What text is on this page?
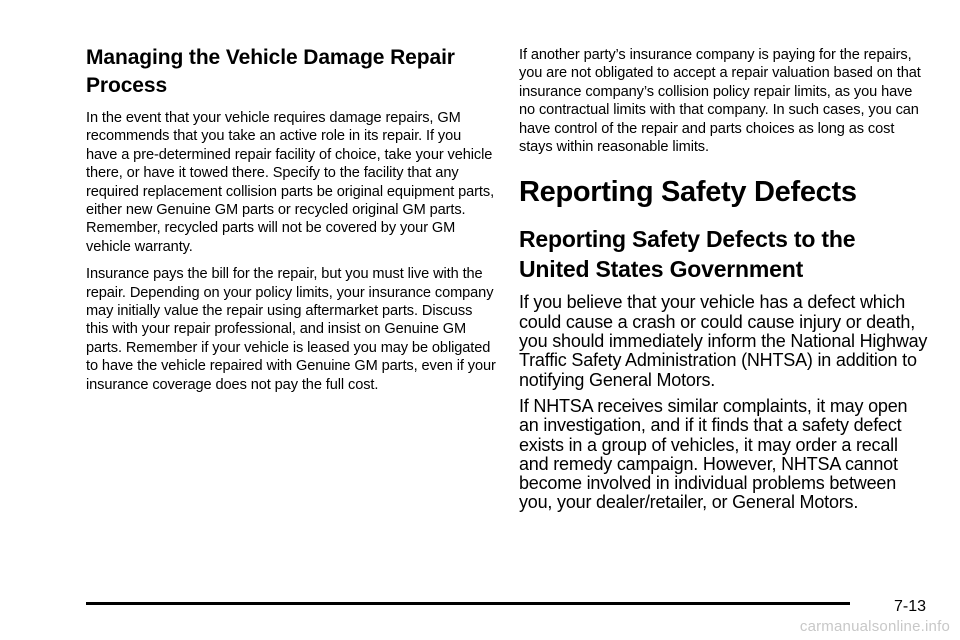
Managing the Vehicle Damage Repair Process

In the event that your vehicle requires damage repairs, GM recommends that you take an active role in its repair. If you have a pre-determined repair facility of choice, take your vehicle there, or have it towed there. Specify to the facility that any required replacement collision parts be original equipment parts, either new Genuine GM parts or recycled original GM parts. Remember, recycled parts will not be covered by your GM vehicle warranty.

Insurance pays the bill for the repair, but you must live with the repair. Depending on your policy limits, your insurance company may initially value the repair using aftermarket parts. Discuss this with your repair professional, and insist on Genuine GM parts. Remember if your vehicle is leased you may be obligated to have the vehicle repaired with Genuine GM parts, even if your insurance coverage does not pay the full cost.

If another party’s insurance company is paying for the repairs, you are not obligated to accept a repair valuation based on that insurance company’s collision policy repair limits, as you have no contractual limits with that company. In such cases, you can have control of the repair and parts choices as long as cost stays within reasonable limits.

Reporting Safety Defects
Reporting Safety Defects to the United States Government

If you believe that your vehicle has a defect which could cause a crash or could cause injury or death, you should immediately inform the National Highway Traffic Safety Administration (NHTSA) in addition to notifying General Motors.

If NHTSA receives similar complaints, it may open an investigation, and if it finds that a safety defect exists in a group of vehicles, it may order a recall and remedy campaign. However, NHTSA cannot become involved in individual problems between you, your dealer/retailer, or General Motors.

7-13
carmanualsonline.info
